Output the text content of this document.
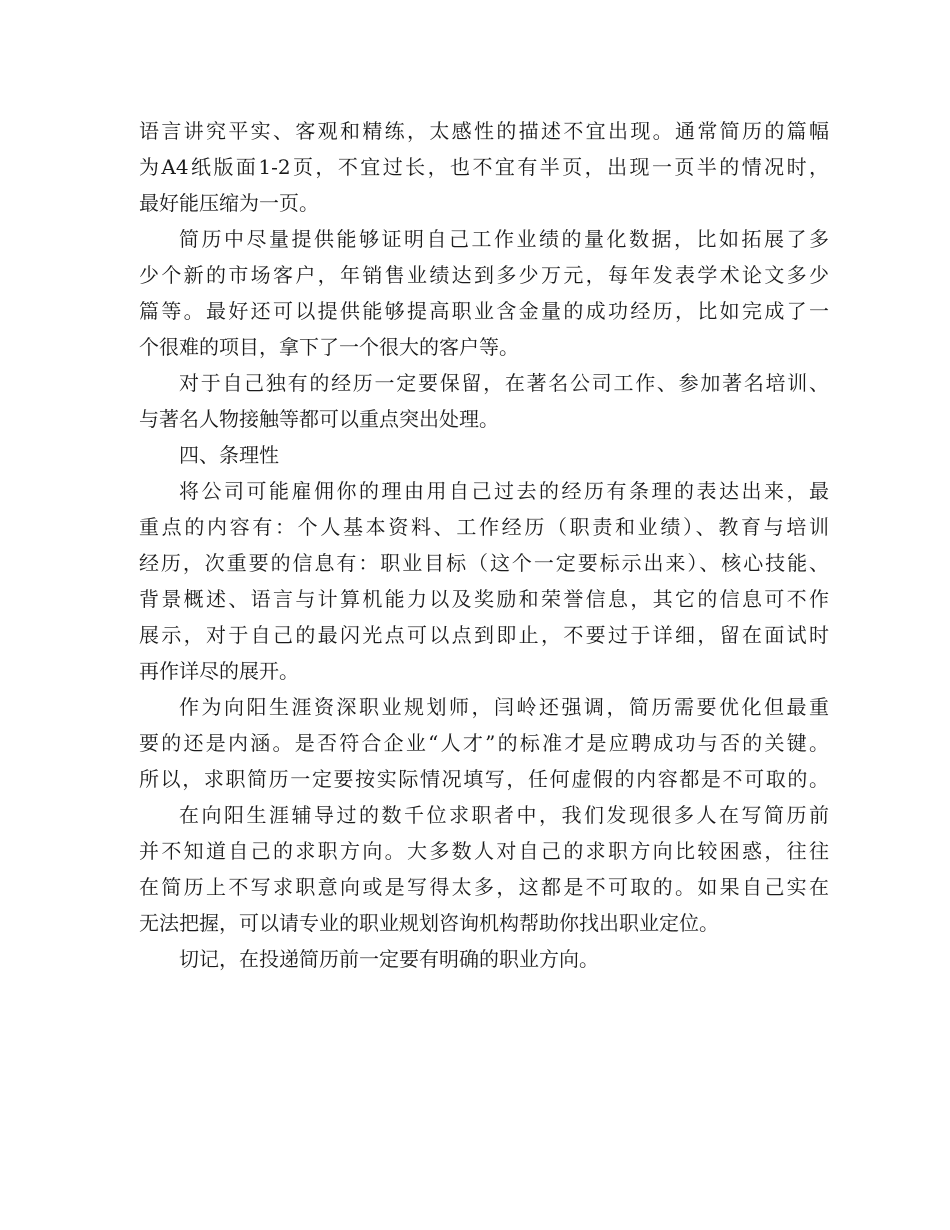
语言讲究平实、客观和精练，太感性的描述不宜出现。通常简历的篇幅
为A4纸版面1-2页，不宜过长，也不宜有半页，出现一页半的情况时，
最好能压缩为一页。
简历中尽量提供能够证明自己工作业绩的量化数据，比如拓展了多
少个新的市场客户，年销售业绩达到多少万元，每年发表学术论文多少
篇等。最好还可以提供能够提高职业含金量的成功经历，比如完成了一
个很难的项目，拿下了一个很大的客户等。
对于自己独有的经历一定要保留，在著名公司工作、参加著名培训、
与著名人物接触等都可以重点突出处理。
四、条理性
将公司可能雇佣你的理由用自己过去的经历有条理的表达出来，最
重点的内容有：个人基本资料、工作经历（职责和业绩）、教育与培训
经历，次重要的信息有：职业目标（这个一定要标示出来）、核心技能、
背景概述、语言与计算机能力以及奖励和荣誉信息，其它的信息可不作
展示，对于自己的最闪光点可以点到即止，不要过于详细，留在面试时
再作详尽的展开。
作为向阳生涯资深职业规划师，闫岭还强调，简历需要优化但最重
要的还是内涵。是否符合企业“人才”的标准才是应聘成功与否的关键。
所以，求职简历一定要按实际情况填写，任何虚假的内容都是不可取的。
在向阳生涯辅导过的数千位求职者中，我们发现很多人在写简历前
并不知道自己的求职方向。大多数人对自己的求职方向比较困惑，往往
在简历上不写求职意向或是写得太多，这都是不可取的。如果自己实在
无法把握，可以请专业的职业规划咨询机构帮助你找出职业定位。
切记，在投递简历前一定要有明确的职业方向。
